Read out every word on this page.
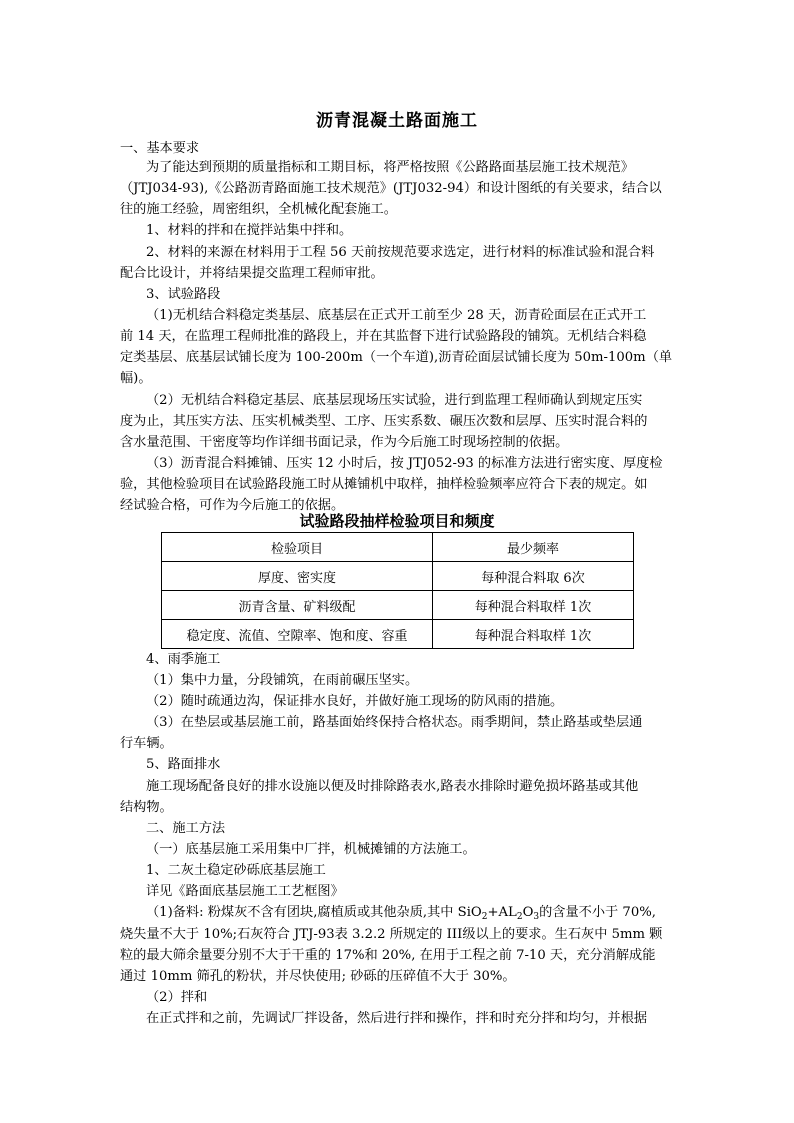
沥青混凝土路面施工
一、基本要求
为了能达到预期的质量指标和工期目标，将严格按照《公路路面基层施工技术规范》
（JTJ034-93),《公路沥青路面施工技术规范》(JTJ032-94）和设计图纸的有关要求，结合以
往的施工经验，周密组织，全机械化配套施工。
1、材料的拌和在搅拌站集中拌和。
2、材料的来源在材料用于工程 56 天前按规范要求选定，进行材料的标准试验和混合料
配合比设计，并将结果提交监理工程师审批。
3、试验路段
（1)无机结合料稳定类基层、底基层在正式开工前至少 28 天，沥青砼面层在正式开工
前 14 天，在监理工程师批准的路段上，并在其监督下进行试验路段的铺筑。无机结合料稳
定类基层、底基层试铺长度为 100-200m（一个车道),沥青砼面层试铺长度为 50m-100m（单
幅)。
（2）无机结合料稳定基层、底基层现场压实试验，进行到监理工程师确认到规定压实
度为止，其压实方法、压实机械类型、工序、压实系数、碾压次数和层厚、压实时混合料的
含水量范围、干密度等均作详细书面记录，作为今后施工时现场控制的依据。
（3）沥青混合料摊铺、压实 12 小时后，按 JTJ052-93 的标准方法进行密实度、厚度检
验，其他检验项目在试验路段施工时从摊铺机中取样，抽样检验频率应符合下表的规定。如
经试验合格，可作为今后施工的依据。
试验路段抽样检验项目和频度
检验项目	最少频率
厚度、密实度	每种混合料取 6次
沥青含量、矿料级配	每种混合料取样 1次
稳定度、流值、空隙率、饱和度、容重	每种混合料取样 1次
4、雨季施工
（1）集中力量，分段铺筑，在雨前碾压坚实。
（2）随时疏通边沟，保证排水良好，并做好施工现场的防风雨的措施。
（3）在垫层或基层施工前，路基面始终保持合格状态。雨季期间，禁止路基或垫层通
行车辆。
5、路面排水
施工现场配备良好的排水设施以便及时排除路表水,路表水排除时避免损坏路基或其他
结构物。
二、施工方法
（一）底基层施工采用集中厂拌，机械摊铺的方法施工。
1、二灰土稳定砂砾底基层施工
详见《路面底基层施工工艺框图》
（1)备料: 粉煤灰不含有团块,腐植质或其他杂质,其中 $SiO_2+AL_2O_3$的含量不小于 70%,
烧失量不大于 10%;石灰符合 JTJ-93表 3.2.2 所规定的 III级以上的要求。生石灰中 5mm 颗
粒的最大筛余量要分别不大于干重的 17%和 20%, 在用于工程之前 7-10 天，充分消解成能
通过 10mm 筛孔的粉状，并尽快使用; 砂砾的压碎值不大于 30%。
（2）拌和
在正式拌和之前，先调试厂拌设备，然后进行拌和操作，拌和时充分拌和均匀，并根据
